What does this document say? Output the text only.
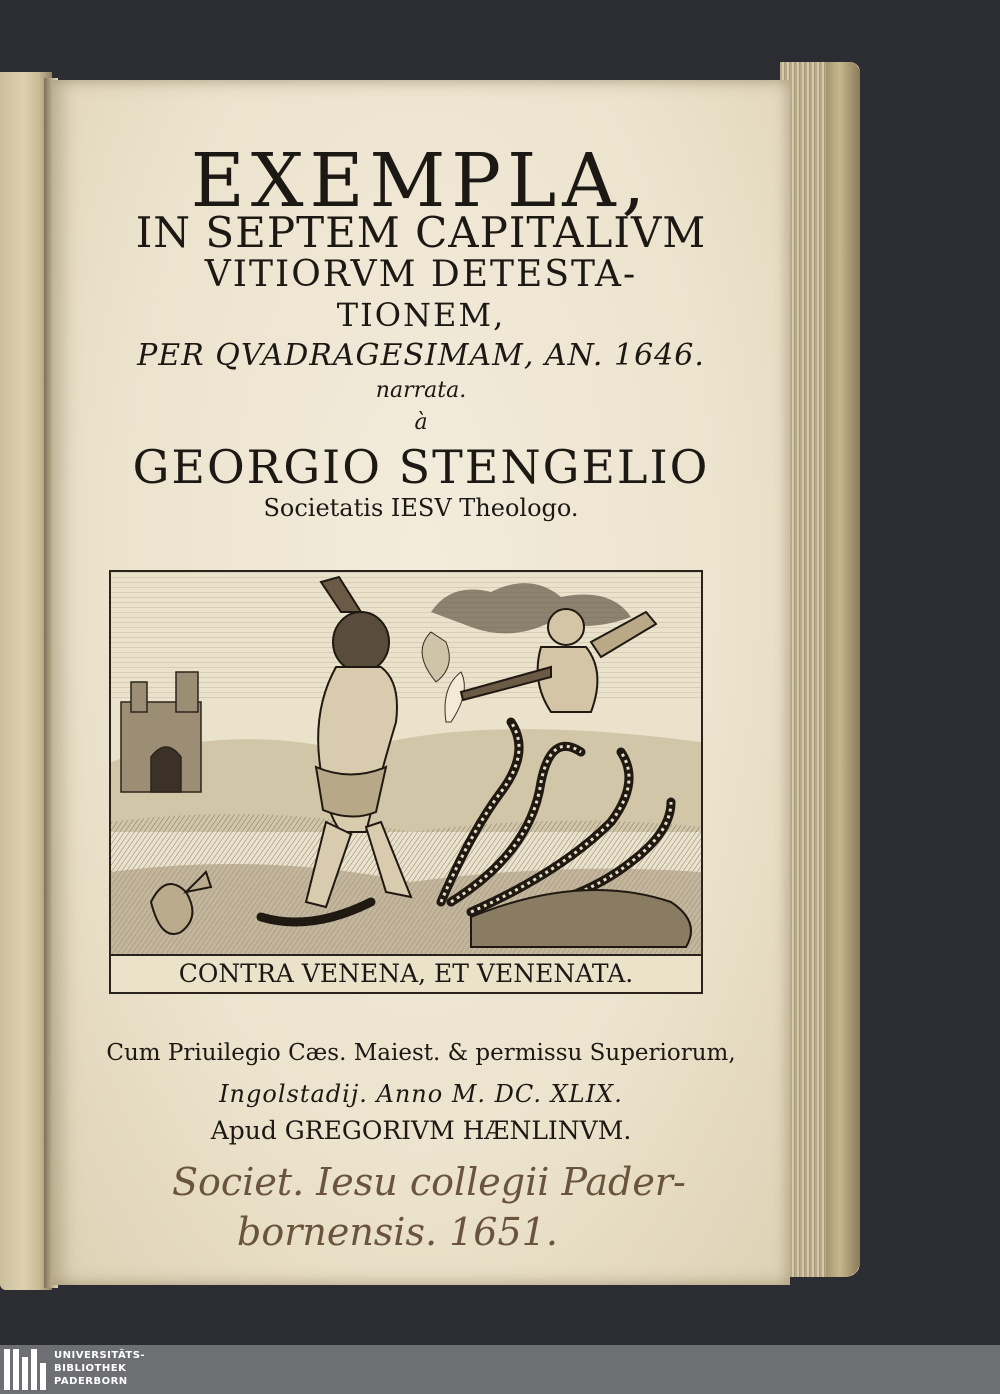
EXEMPLA,
IN SEPTEM CAPITALIVM
VITIORVM DETESTA-
TIONEM,
PER QVADRAGESIMAM, AN. 1646.
narrata.
à
GEORGIO STENGELIO
Societatis IESV Theologo.
CONTRA VENENA, ET VENENATA.
Cum Priuilegio Cæs. Maiest. & permissu Superiorum,
Ingolstadij. Anno M. DC. XLIX.
Apud GREGORIVM HÆNLINVM.
Societ. Iesu collegii Pader-
bornensis. 1651.
UNIVERSITÄTS-
BIBLIOTHEK
PADERBORN
